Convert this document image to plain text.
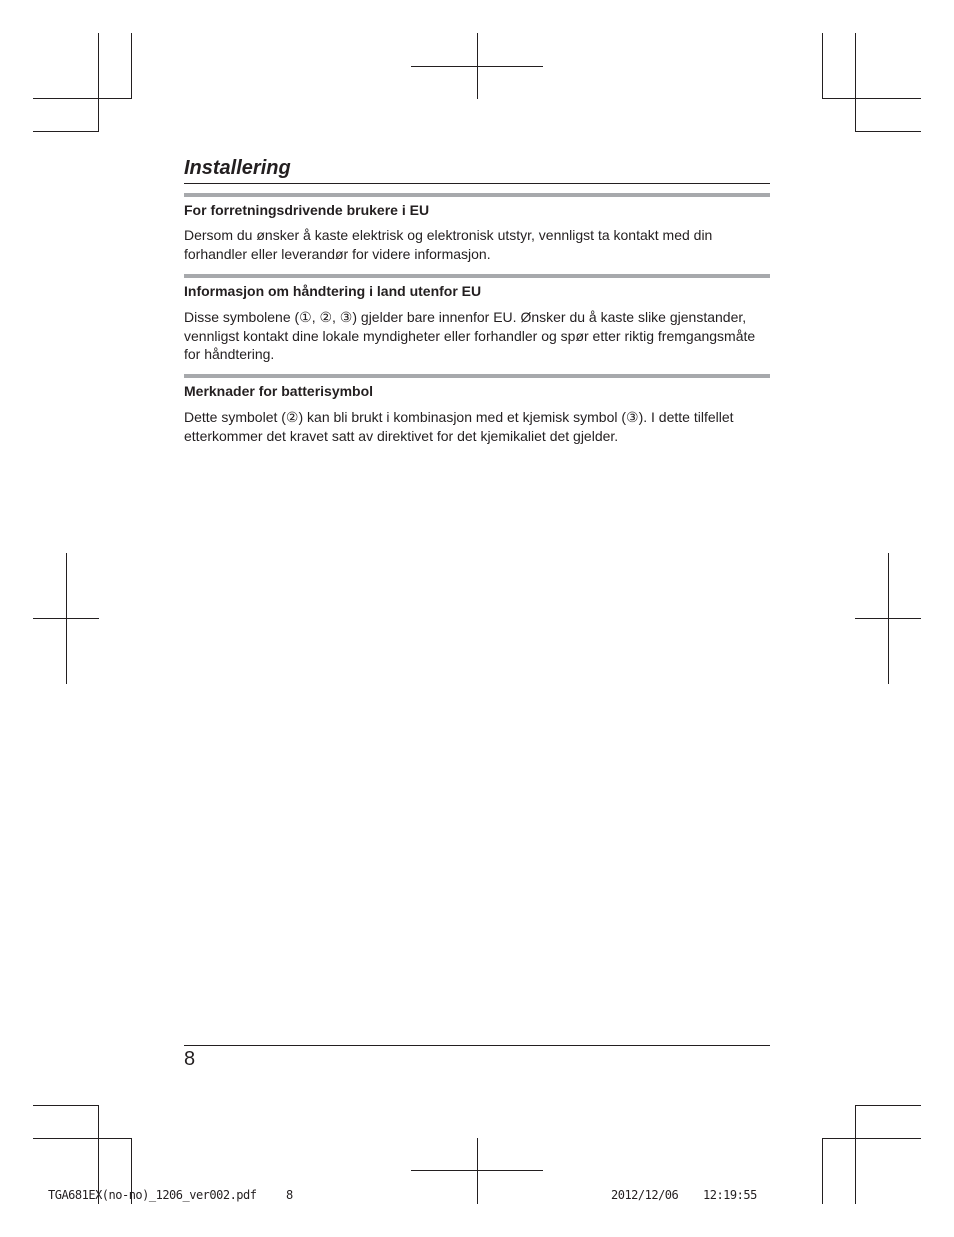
Installering
For forretningsdrivende brukere i EU

Dersom du ønsker å kaste elektrisk og elektronisk utstyr, vennligst ta kontakt med din forhandler eller leverandør for videre informasjon.

Informasjon om håndtering i land utenfor EU

Disse symbolene (①, ②, ③) gjelder bare innenfor EU. Ønsker du å kaste slike gjenstander, vennligst kontakt dine lokale myndigheter eller forhandler og spør etter riktig fremgangsmåte for håndtering.

Merknader for batterisymbol

Dette symbolet (②) kan bli brukt i kombinasjon med et kjemisk symbol (③). I dette tilfellet etterkommer det kravet satt av direktivet for det kjemikaliet det gjelder.

8
TGA681EX(no-no)_1206_ver002.pdf 8	2012/12/06 12:19:55
